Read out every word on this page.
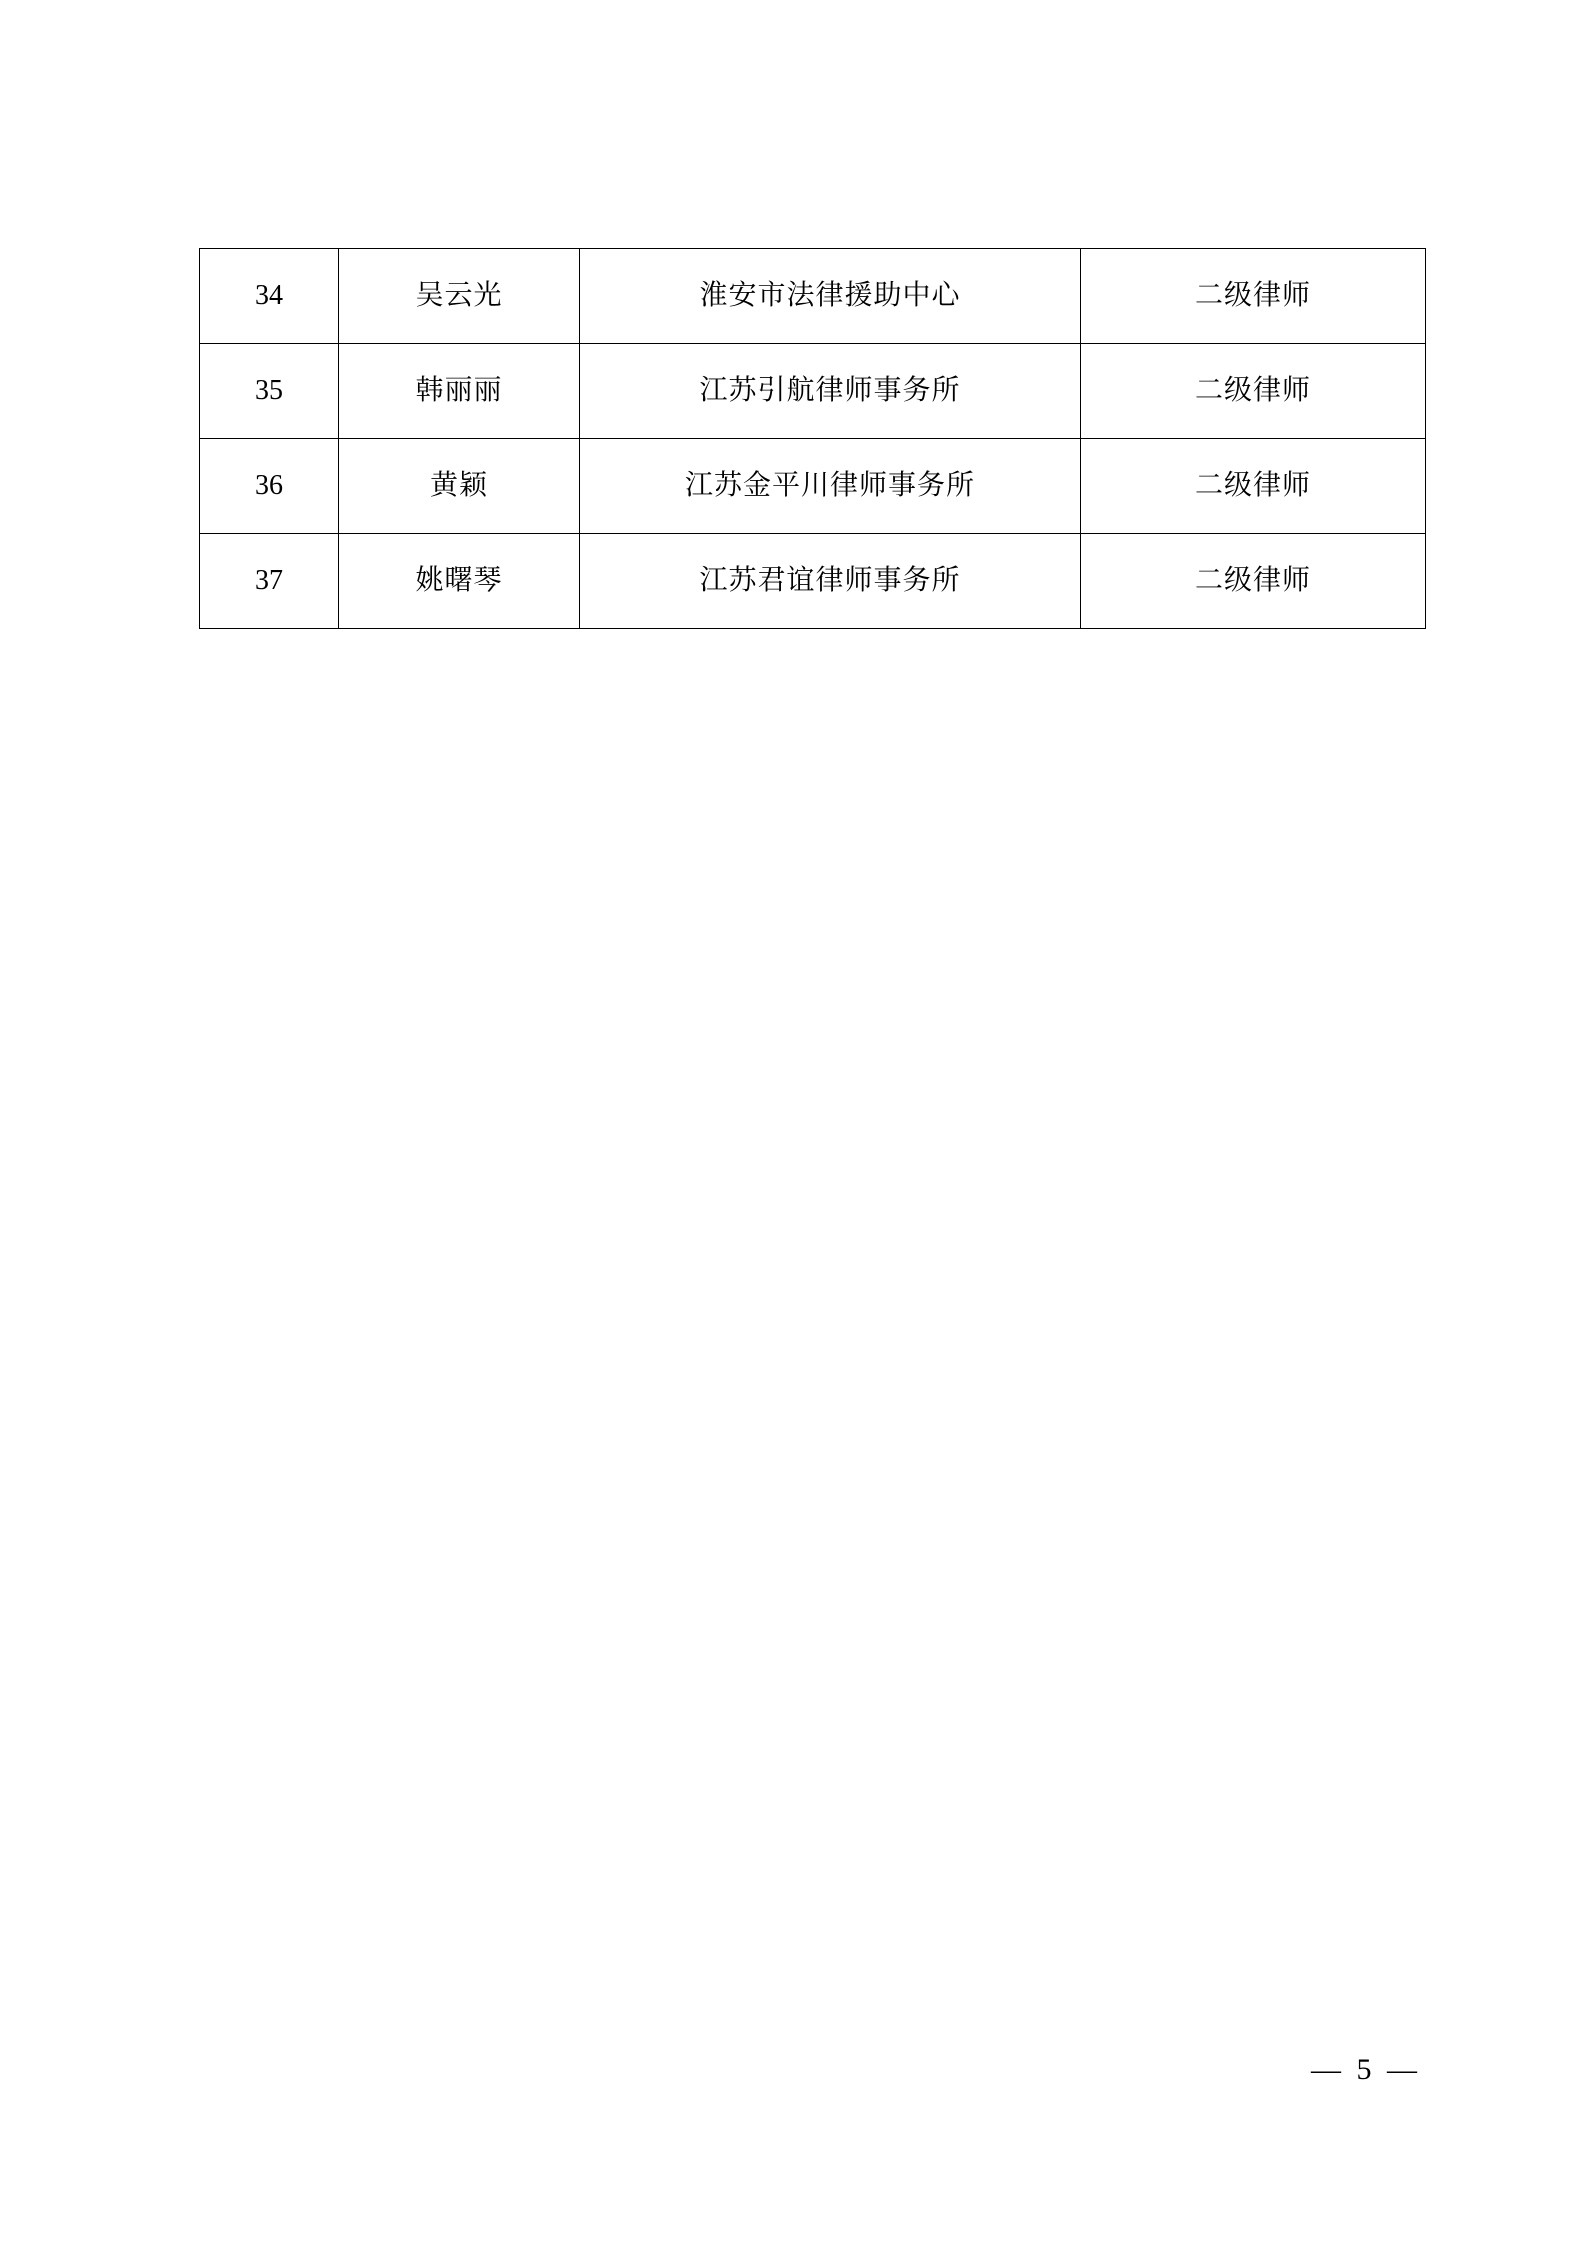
34	吴云光	淮安市法律援助中心	二级律师
35	韩丽丽	江苏引航律师事务所	二级律师
36	黄颖	江苏金平川律师事务所	二级律师
37	姚曙琴	江苏君谊律师事务所	二级律师
— 5 —
